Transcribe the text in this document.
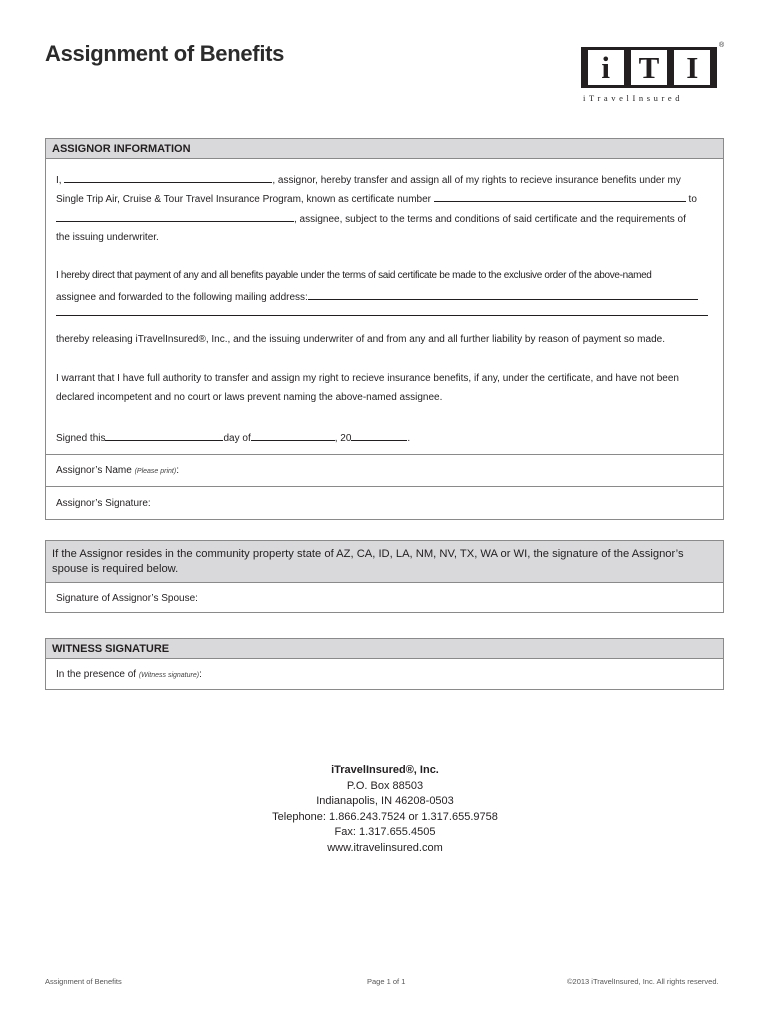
Assignment of Benefits	i T I
®
iTravelInsured
ASSIGNOR INFORMATION
I,	, assignor, hereby transfer and assign all of my rights to recieve insurance benefits under my
Single Trip Air, Cruise & Tour Travel Insurance Program, known as certificate number	to
, assignee, subject to the terms and conditions of said certificate and the requirements of
the issuing underwriter.
I hereby direct that payment of any and all benefits payable under the terms of said certificate be made to the exclusive order of the above-named
assignee and forwarded to the following mailing address:
thereby releasing iTravelInsured®, Inc., and the issuing underwriter of and from any and all further liability by reason of payment so made.
I warrant that I have full authority to transfer and assign my right to recieve insurance benefits, if any, under the certificate, and have not been
declared incompetent and no court or laws prevent naming the above-named assignee.
Signed this	day of	, 20	.
Assignor’s Name (Please print):
Assignor’s Signature:
If the Assignor resides in the community property state of AZ, CA, ID, LA, NM, NV, TX, WA or WI, the signature of the Assignor’s spouse is required below.
Signature of Assignor’s Spouse:
WITNESS SIGNATURE
In the presence of (Witness signature):
iTravelInsured®, Inc.
P.O. Box 88503
Indianapolis, IN 46208-0503
Telephone: 1.866.243.7524 or 1.317.655.9758
Fax: 1.317.655.4505
www.itravelinsured.com
Assignment of Benefits	Page 1 of 1	©2013 iTravelInsured, Inc. All rights reserved.
